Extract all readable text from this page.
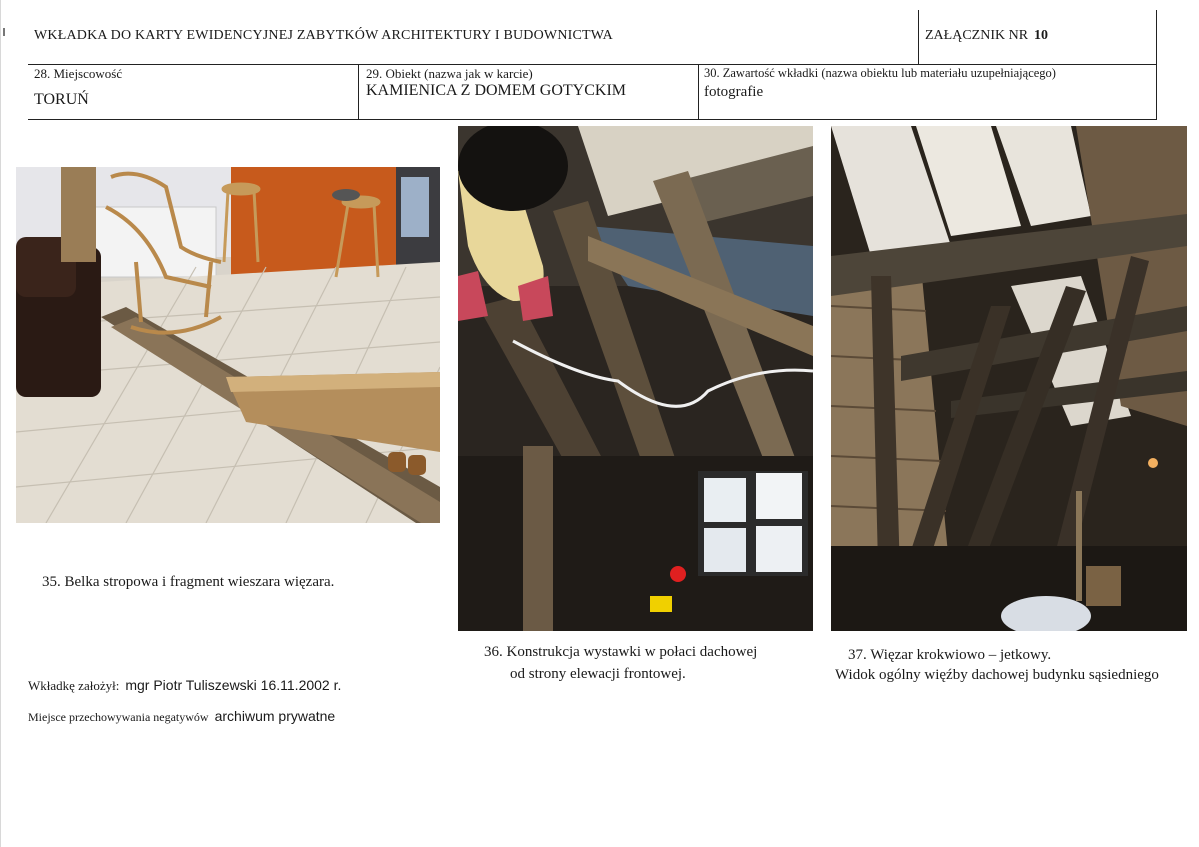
WKŁADKA DO KARTY EWIDENCYJNEJ ZABYTKÓW ARCHITEKTURY I BUDOWNICTWA	ZAŁĄCZNIK NR 10
28. Miejscowość
TORUŃ
29. Obiekt (nazwa jak w karcie)
KAMIENICA Z DOMEM GOTYCKIM
30. Zawartość wkładki (nazwa obiektu lub materiału uzupełniającego)
fotografie
35. Belka stropowa i fragment wieszara więzara.
36. Konstrukcja wystawki w połaci dachowej
od strony elewacji frontowej.
37. Więzar krokwiowo – jetkowy.
Widok ogólny więźby dachowej budynku sąsiedniego
Wkładkę założył: mgr Piotr Tuliszewski 16.11.2002 r.
Miejsce przechowywania negatywów archiwum prywatne
